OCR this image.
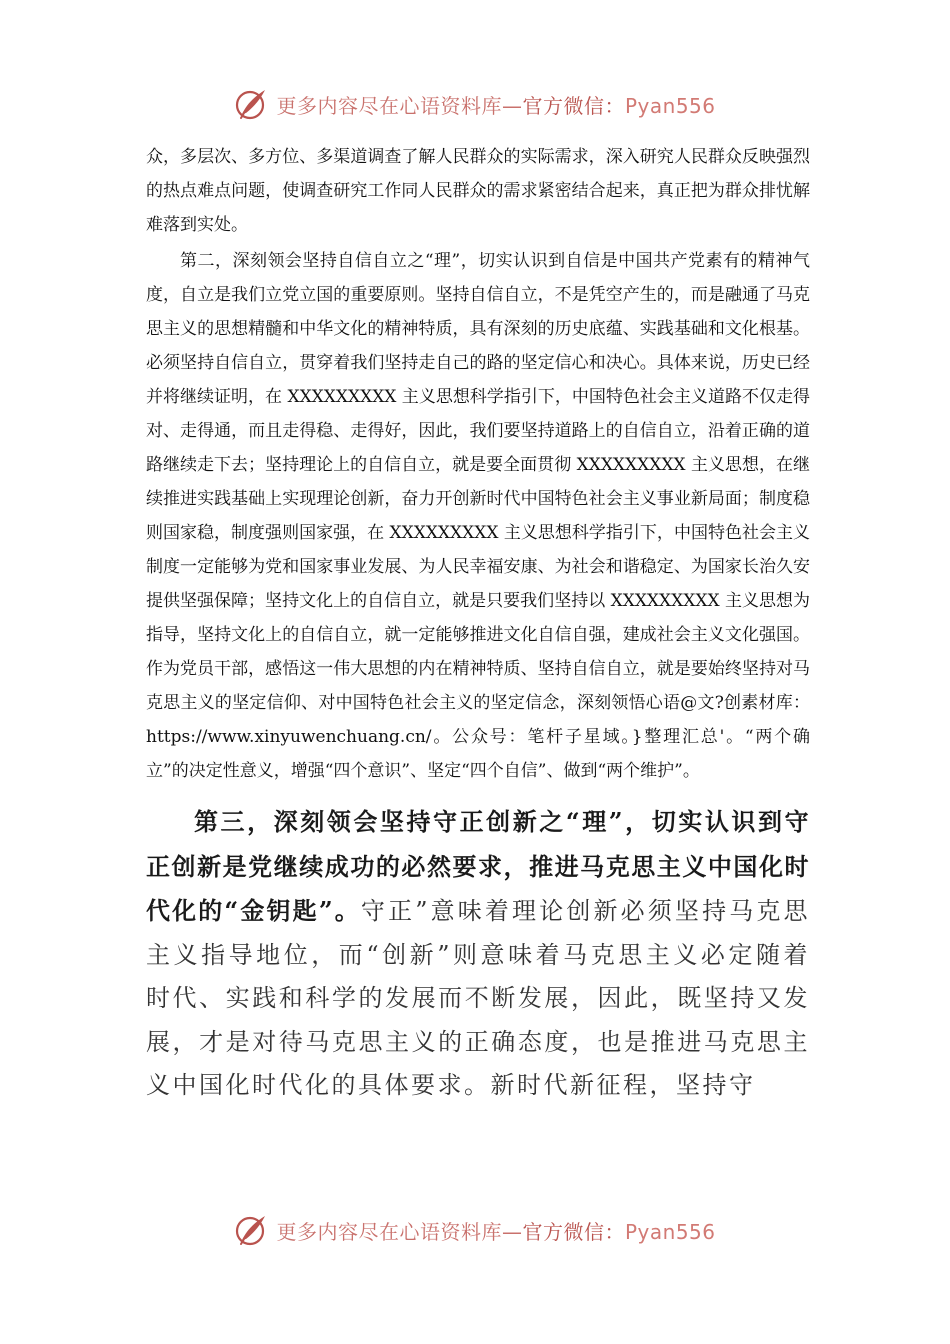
更多内容尽在心语资料库—官方微信：Pyan556

众，多层次、多方位、多渠道调查了解人民群众的实际需求，深入研究人民群众反映强烈的热点难点问题，使调查研究工作同人民群众的需求紧密结合起来，真正把为群众排忧解难落到实处。

第二，深刻领会坚持自信自立之“理”，切实认识到自信是中国共产党素有的精神气度，自立是我们立党立国的重要原则。坚持自信自立，不是凭空产生的，而是融通了马克思主义的思想精髓和中华文化的精神特质，具有深刻的历史底蕴、实践基础和文化根基。必须坚持自信自立，贯穿着我们坚持走自己的路的坚定信心和决心。具体来说，历史已经并将继续证明，在 XXXXXXXXX 主义思想科学指引下，中国特色社会主义道路不仅走得对、走得通，而且走得稳、走得好，因此，我们要坚持道路上的自信自立，沿着正确的道路继续走下去；坚持理论上的自信自立，就是要全面贯彻 XXXXXXXXX 主义思想，在继续推进实践基础上实现理论创新，奋力开创新时代中国特色社会主义事业新局面；制度稳则国家稳，制度强则国家强，在 XXXXXXXXX 主义思想科学指引下，中国特色社会主义制度一定能够为党和国家事业发展、为人民幸福安康、为社会和谐稳定、为国家长治久安提供坚强保障；坚持文化上的自信自立，就是只要我们坚持以 XXXXXXXXX 主义思想为指导，坚持文化上的自信自立，就一定能够推进文化自信自强，建成社会主义文化强国。作为党员干部，感悟这一伟大思想的内在精神特质、坚持自信自立，就是要始终坚持对马克思主义的坚定信仰、对中国特色社会主义的坚定信念，深刻领悟心语@文?创素材库：https://www.xinyuwenchuang.cn/。公众号：笔杆子星域。}整理汇总'。“两个确立”的决定性意义，增强“四个意识”、坚定“四个自信”、做到“两个维护”。

第三，深刻领会坚持守正创新之“理”，切实认识到守正创新是党继续成功的必然要求，推进马克思主义中国化时代化的“金钥匙”。守正”意味着理论创新必须坚持马克思主义指导地位，而“创新”则意味着马克思主义必定随着时代、实践和科学的发展而不断发展，因此，既坚持又发展，才是对待马克思主义的正确态度，也是推进马克思主义中国化时代化的具体要求。新时代新征程，坚持守

更多内容尽在心语资料库—官方微信：Pyan556
